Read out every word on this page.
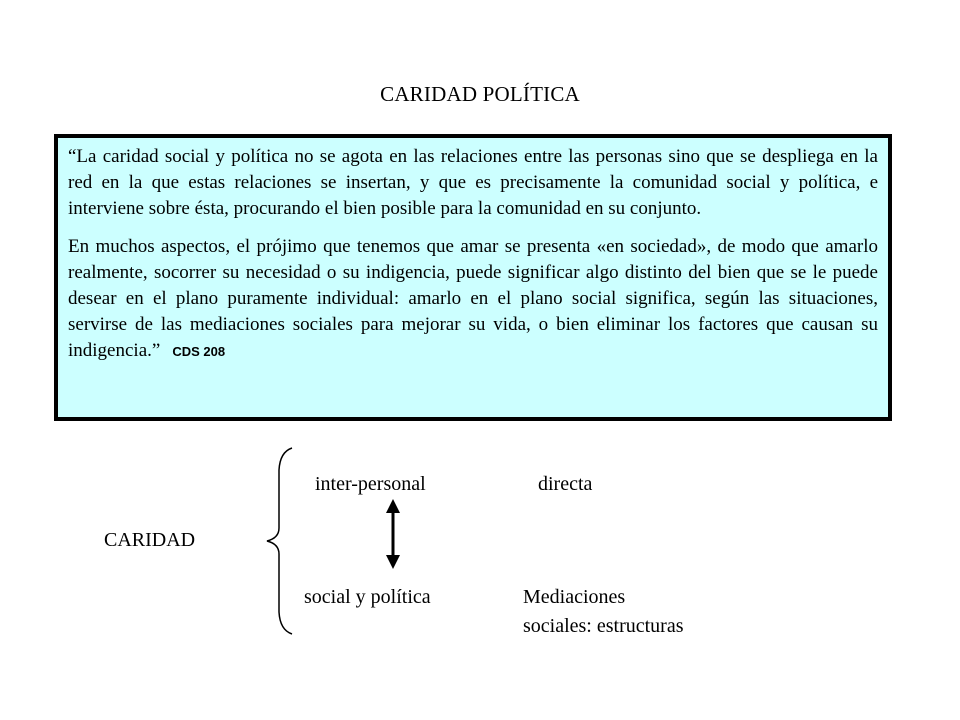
CARIDAD POLÍTICA

“La caridad social y política no se agota en las relaciones entre las personas sino que se despliega en la red en la que estas relaciones se insertan, y que es precisamente la comunidad social y política, e interviene sobre ésta, procurando el bien posible para la comunidad en su conjunto.

En muchos aspectos, el prójimo que tenemos que amar se presenta «en sociedad», de modo que amarlo realmente, socorrer su necesidad o su indigencia, puede significar algo distinto del bien que se le puede desear en el plano puramente individual: amarlo en el plano social significa, según las situaciones, servirse de las mediaciones sociales para mejorar su vida, o bien eliminar los factores que causan su indigencia.” CDS 208

CARIDAD
inter-personal	directa
social y política	Mediaciones
sociales: estructuras
